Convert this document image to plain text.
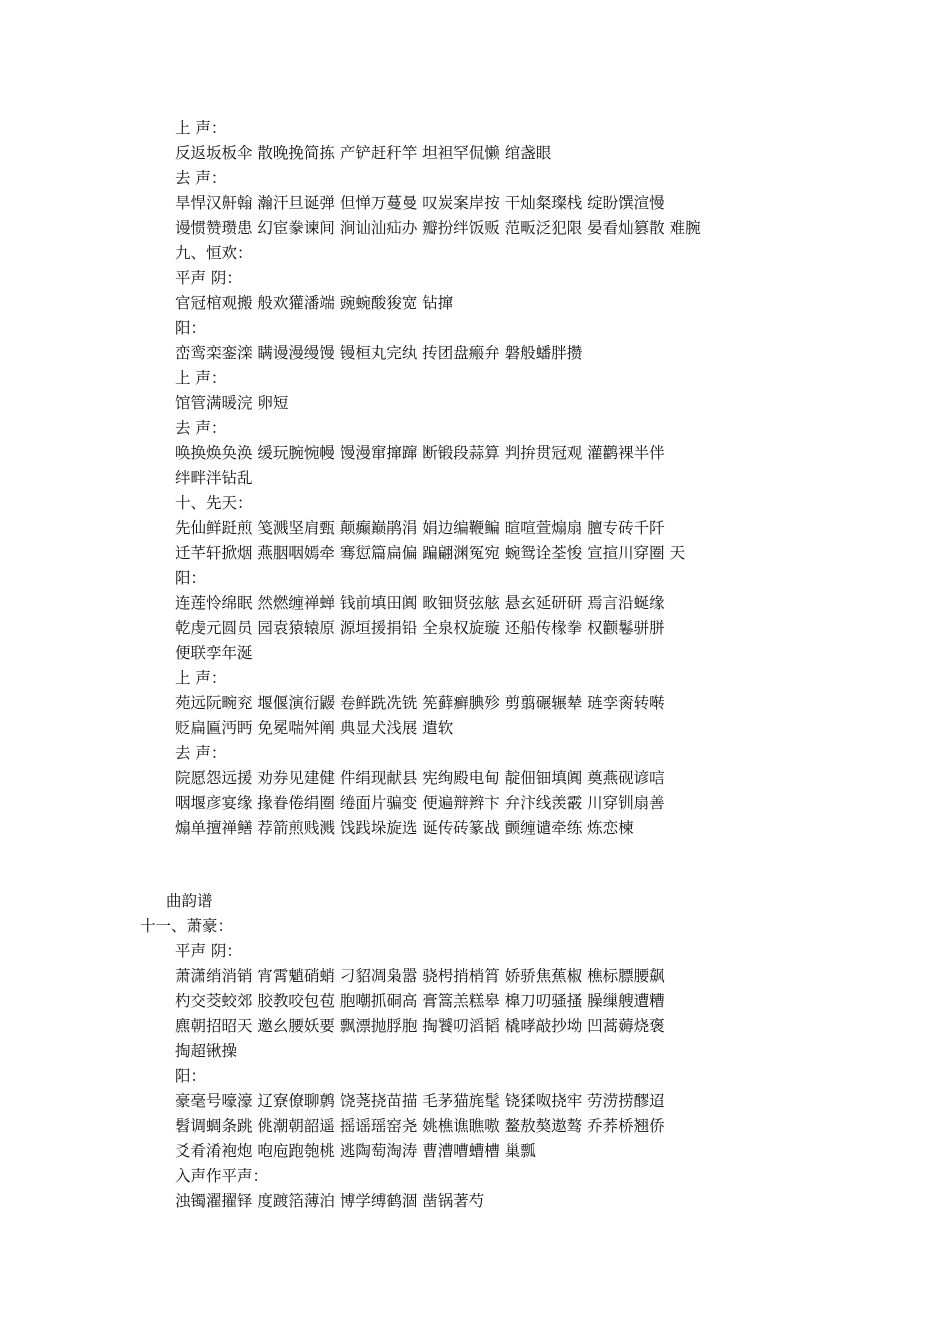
上 声：
反返坂板伞 散晚挽简拣 产铲赶秆竿 坦袒罕侃懒 绾盏眼
去 声：
旱悍汉鼾翰 瀚汗旦诞弹 但惮万蔓曼 叹炭案岸按 干灿粲璨栈 绽盼馔渲慢
谩惯赞瓒患 幻宦豢谏间 涧讪汕疝办 瓣扮绊饭贩 范畈泛犯限 晏看灿篡散 难腕
九、恒欢：
平声 阴：
官冠棺观搬 般欢獾潘端 豌蜿酸狻宽 钻撺
阳：
峦鸾栾銮滦 瞒谩漫缦馒 镘桓丸完纨 抟团盘瘢弁 磐般蟠胖攒
上 声：
馆管满暖浣 卵短
去 声：
唤换焕奂涣 缓玩腕惋幔 馒漫窜撺蹿 断锻段蒜算 判拚贯冠观 灌鹳裸半伴
绊畔泮钻乱
十、先天：
先仙鲜跹煎 笺溅坚肩甄 颠癫巅鹃涓 娟边编鞭鳊 暄喧萱煽扇 膻专砖千阡
迁芊轩掀烟 燕胭咽嫣牵 骞愆篇扁偏 蹁翩渊冤宛 蜿鸳诠荃悛 宣揎川穿圈 天
阳：
连莲怜绵眠 然燃缠禅蝉 钱前填田阗 畋钿贤弦舷 悬玄延研研 焉言沿蜒缘
乾虔元圆员 园袁猿辕原 源垣援捐铅 全泉权旋璇 还船传椽拳 权颧鬈骈胼
便联孪年涎
上 声：
苑远阮畹兖 堰偃演衍鼹 卷鲜跣冼铣 筅藓癣腆殄 剪翦碾辗辇 琏孪脔转啭
贬扁匾沔眄 免冕喘舛阐 典显犬浅展 遣软
去 声：
院愿怨远援 劝券见建健 件绢现献县 宪绚殿电甸 靛佃钿填阗 奠燕砚谚唁
咽堰彦宴缘 掾眷倦绢圈 绻面片骗变 便遍辩辫卞 弁汴线羡霰 川穿钏扇善
煽单擅禅鳝 荐箭煎贱溅 饯践垛旋选 诞传砖篆战 颤缠谴牵练 炼恋楝
曲韵谱
十一、萧豪：
平声 阴：
萧潇绡消销 宵霄魈硝蛸 刁貂凋枭嚣 骁枵捎梢筲 娇骄焦蕉椒 樵标膘腰飙
杓交茭蛟郊 胶教咬包苞 胞嘲抓硐高 膏篙羔糕皋 橰刀叨骚搔 臊缫艘遭糟
麃朝招昭天 邀幺腰妖要 飘漂抛脬胞 掏饕叨滔韬 橇哮敲抄坳 凹蒿薅烧褒
掏超锹操
阳：
豪毫号嚎濠 辽寮僚聊鹩 饶荛挠苗描 毛茅猫旄髦 铙猱呶挠牢 劳涝捞醪迢
髫调蜩条跳 佻潮朝韶遥 摇谣瑶窑尧 姚樵谯瞧嗷 鳌敖獒遨骜 乔荞桥翘侨
爻肴淆袍炮 咆庖跑匏桃 逃陶萄淘涛 曹漕嘈螬槽 巢瓢
入声作平声：
浊镯濯擢铎 度踱箔薄泊 博学缚鹤涸 凿锅著芍
